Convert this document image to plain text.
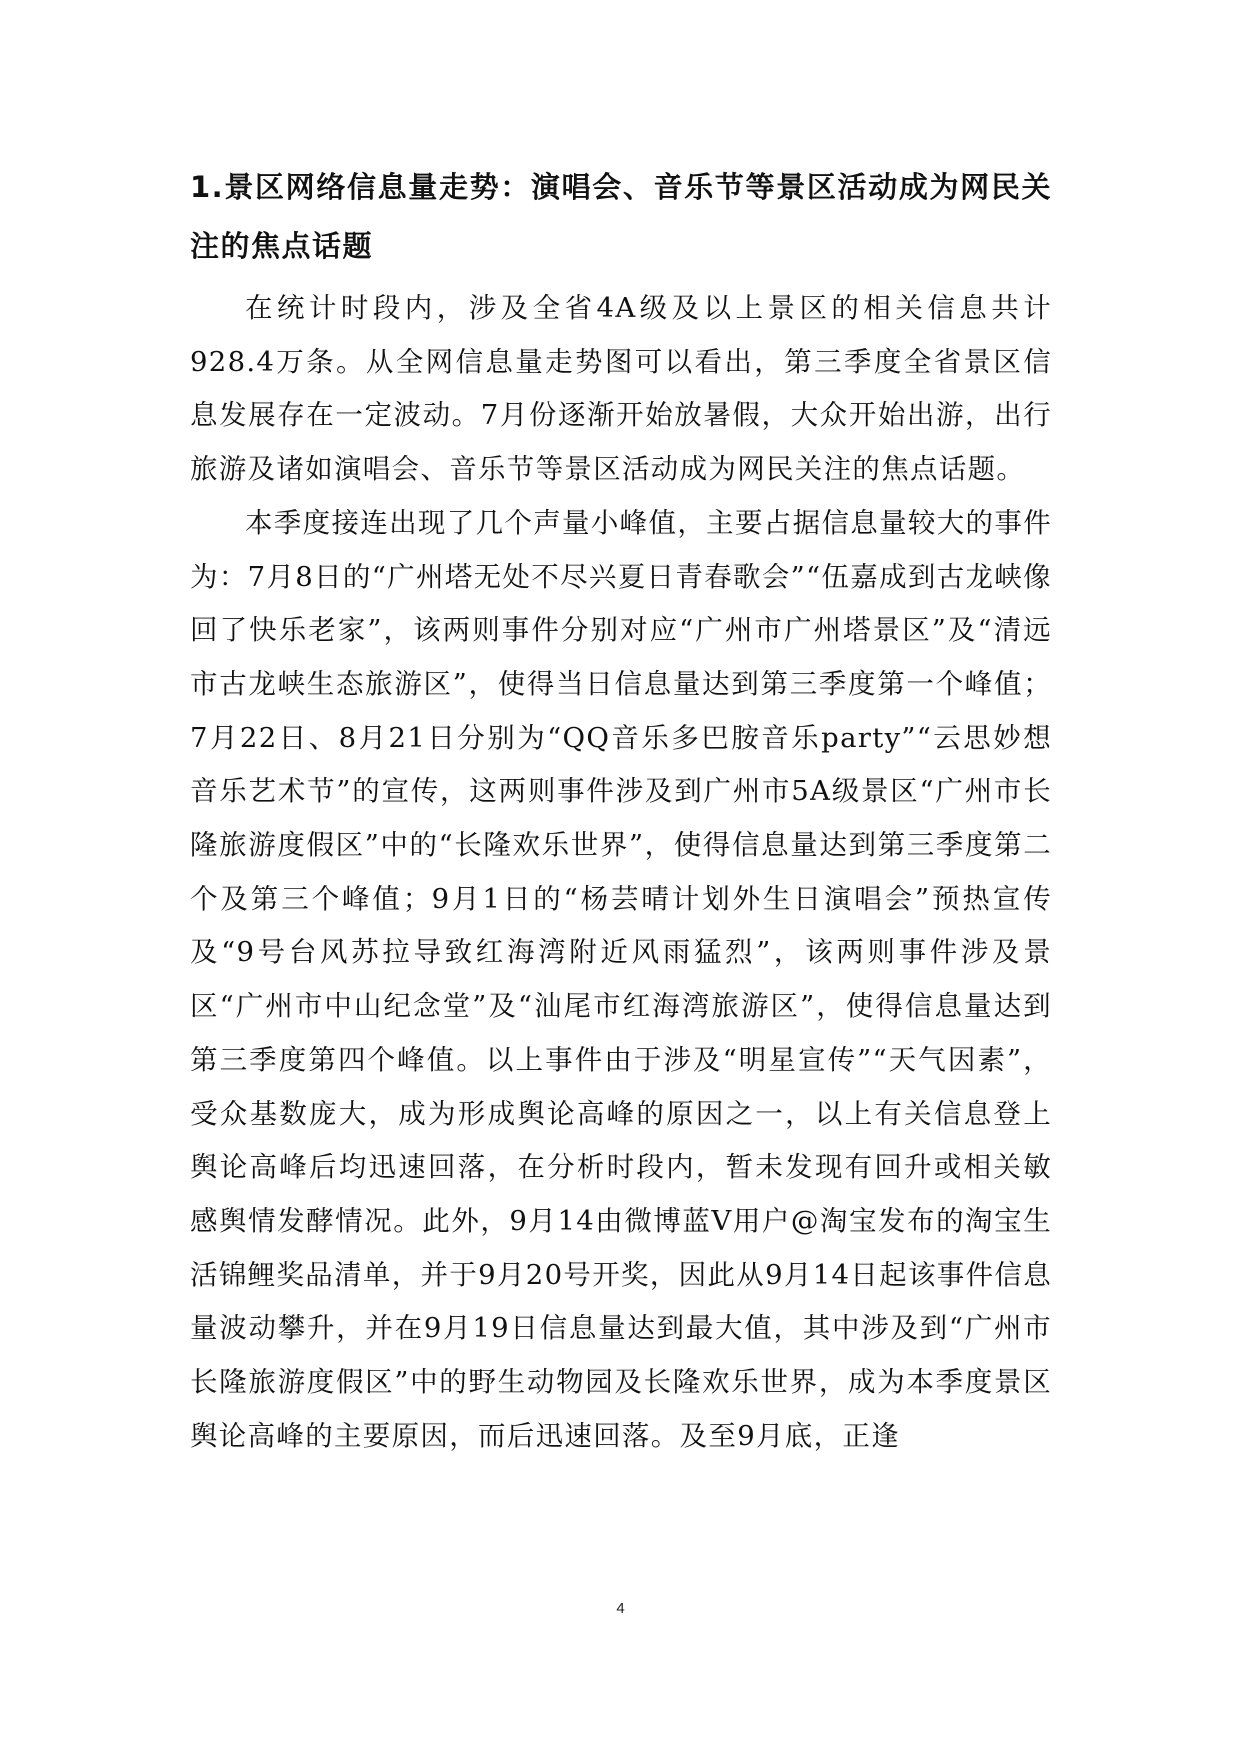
1.景区网络信息量走势：演唱会、音乐节等景区活动成为网民关注的焦点话题

在统计时段内，涉及全省4A级及以上景区的相关信息共计928.4万条。从全网信息量走势图可以看出，第三季度全省景区信息发展存在一定波动。7月份逐渐开始放暑假，大众开始出游，出行旅游及诸如演唱会、音乐节等景区活动成为网民关注的焦点话题。

本季度接连出现了几个声量小峰值，主要占据信息量较大的事件为：7月8日的“广州塔无处不尽兴夏日青春歌会”“伍嘉成到古龙峡像回了快乐老家”，该两则事件分别对应“广州市广州塔景区”及“清远市古龙峡生态旅游区”，使得当日信息量达到第三季度第一个峰值；7月22日、8月21日分别为“QQ音乐多巴胺音乐party”“云思妙想音乐艺术节”的宣传，这两则事件涉及到广州市5A级景区“广州市长隆旅游度假区”中的“长隆欢乐世界”，使得信息量达到第三季度第二个及第三个峰值；9月1日的“杨芸晴计划外生日演唱会”预热宣传及“9号台风苏拉导致红海湾附近风雨猛烈”，该两则事件涉及景区“广州市中山纪念堂”及“汕尾市红海湾旅游区”，使得信息量达到第三季度第四个峰值。以上事件由于涉及“明星宣传”“天气因素”，受众基数庞大，成为形成舆论高峰的原因之一，以上有关信息登上舆论高峰后均迅速回落，在分析时段内，暂未发现有回升或相关敏感舆情发酵情况。此外，9月14由微博蓝V用户@淘宝发布的淘宝生活锦鲤奖品清单，并于9月20号开奖，因此从9月14日起该事件信息量波动攀升，并在9月19日信息量达到最大值，其中涉及到“广州市长隆旅游度假区”中的野生动物园及长隆欢乐世界，成为本季度景区舆论高峰的主要原因，而后迅速回落。及至9月底，正逢

4
